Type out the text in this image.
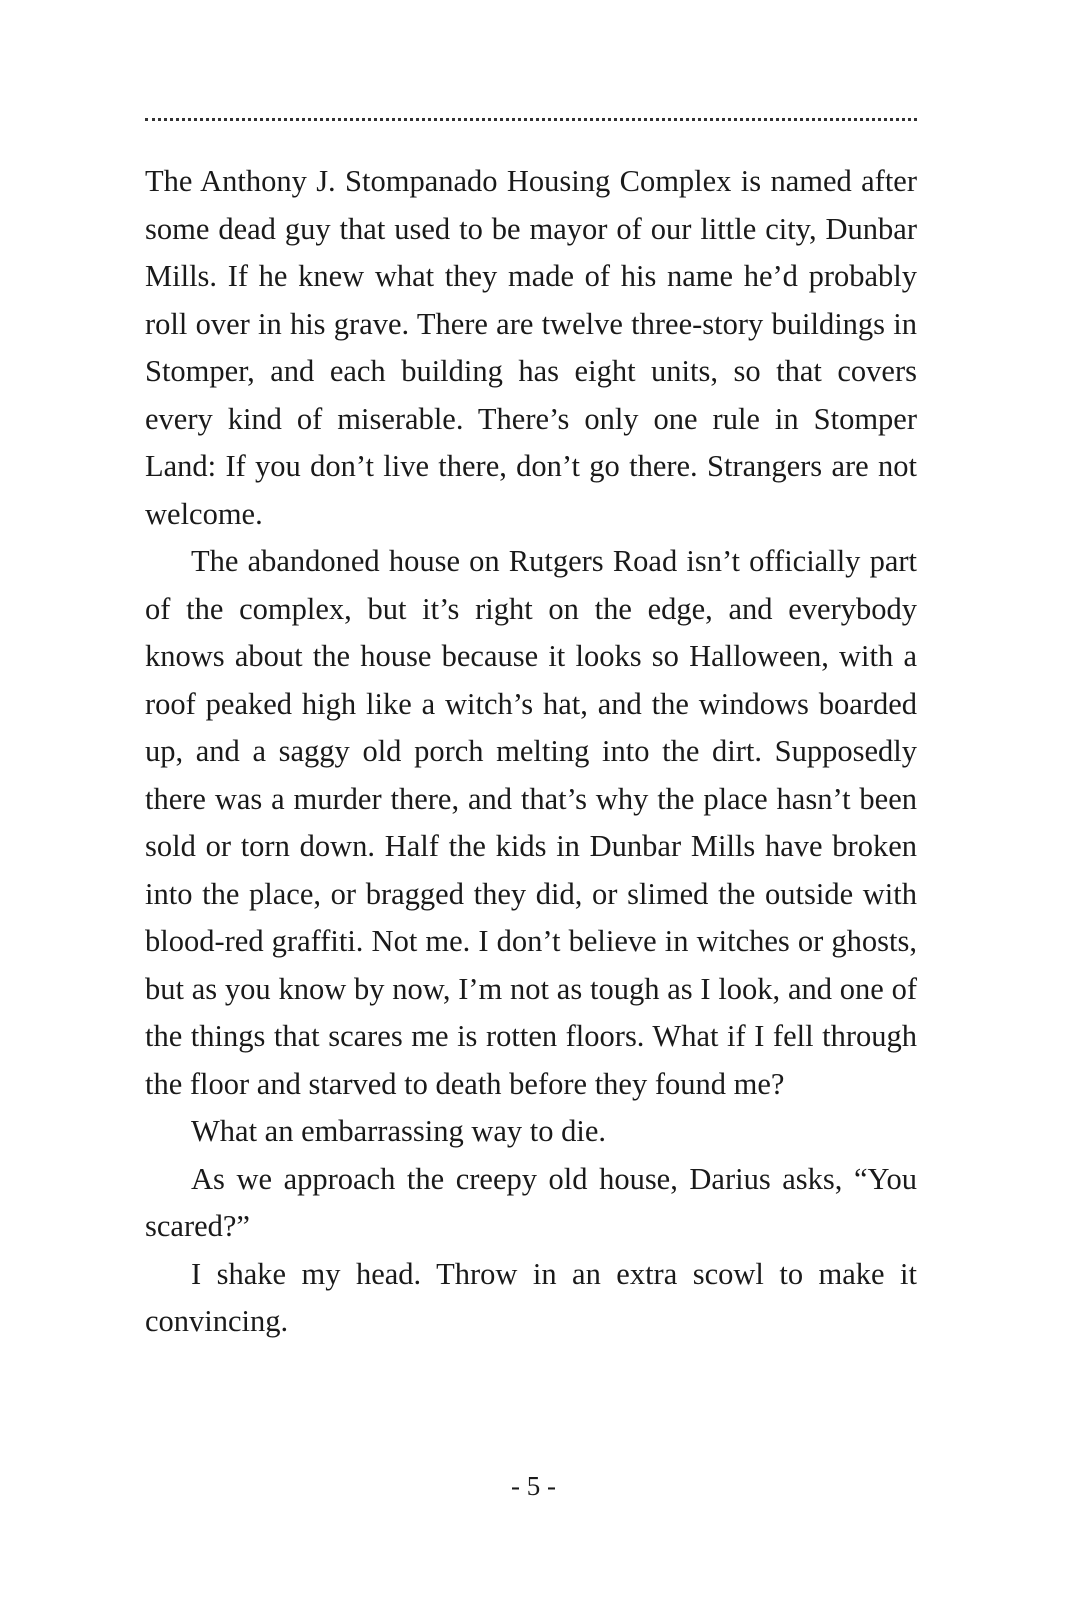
The Anthony J. Stompanado Housing Complex is named after some dead guy that used to be mayor of our little city, Dunbar Mills. If he knew what they made of his name he’d probably roll over in his grave. There are twelve three-story buildings in Stomper, and each building has eight units, so that covers every kind of miserable. There’s only one rule in Stomper Land: If you don’t live there, don’t go there. Strangers are not welcome.

The abandoned house on Rutgers Road isn’t officially part of the complex, but it’s right on the edge, and everybody knows about the house because it looks so Halloween, with a roof peaked high like a witch’s hat, and the windows boarded up, and a saggy old porch melting into the dirt. Supposedly there was a murder there, and that’s why the place hasn’t been sold or torn down. Half the kids in Dunbar Mills have broken into the place, or bragged they did, or slimed the outside with blood-red graffiti. Not me. I don’t believe in witches or ghosts, but as you know by now, I’m not as tough as I look, and one of the things that scares me is rotten floors. What if I fell through the floor and starved to death before they found me?

What an embarrassing way to die.

As we approach the creepy old house, Darius asks, “You scared?”

I shake my head. Throw in an extra scowl to make it convincing.

- 5 -
